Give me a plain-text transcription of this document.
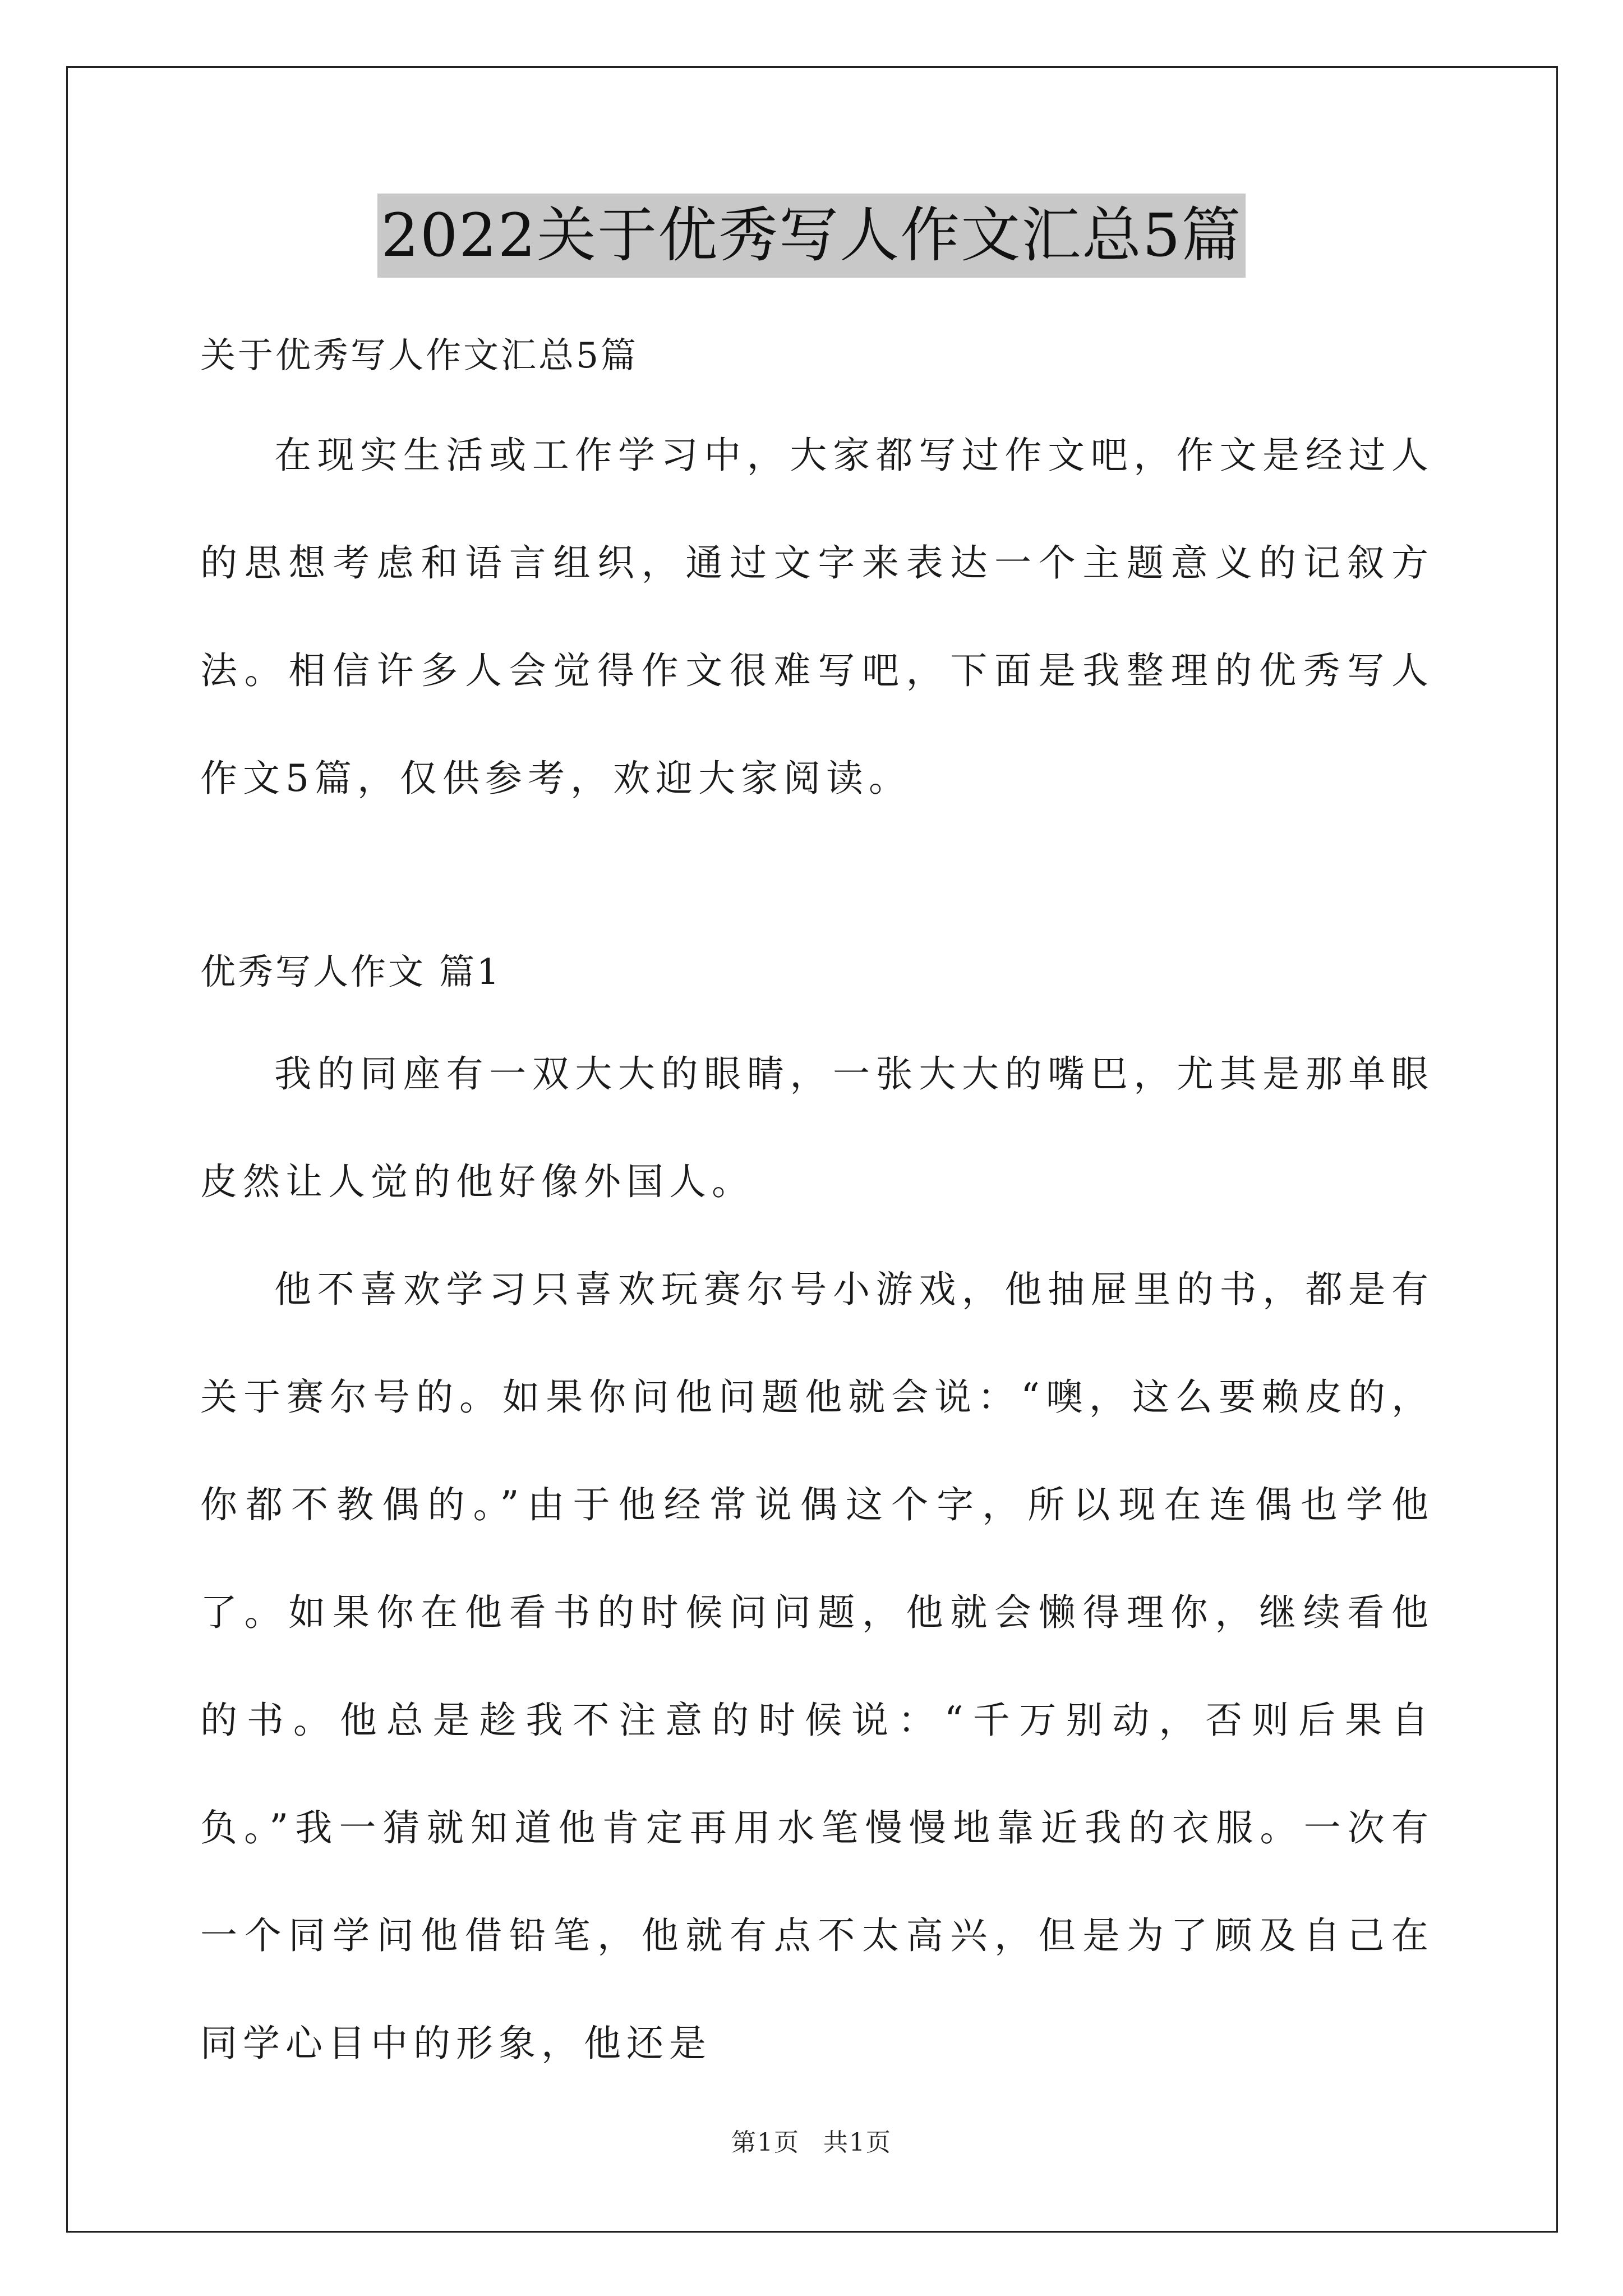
2022关于优秀写人作文汇总5篇

关于优秀写人作文汇总5篇

在现实生活或工作学习中，大家都写过作文吧，作文是经过人的思想考虑和语言组织，通过文字来表达一个主题意义的记叙方法。相信许多人会觉得作文很难写吧，下面是我整理的优秀写人作文5篇，仅供参考，欢迎大家阅读。

优秀写人作文 篇1

我的同座有一双大大的眼睛，一张大大的嘴巴，尤其是那单眼皮然让人觉的他好像外国人。

他不喜欢学习只喜欢玩赛尔号小游戏，他抽屉里的书，都是有关于赛尔号的。如果你问他问题他就会说：“噢，这么要赖皮的，你都不教偶的。”由于他经常说偶这个字，所以现在连偶也学他了。如果你在他看书的时候问问题，他就会懒得理你，继续看他的书。他总是趁我不注意的时候说：“千万别动，否则后果自负。”我一猜就知道他肯定再用水笔慢慢地靠近我的衣服。一次有一个同学问他借铅笔，他就有点不太高兴，但是为了顾及自己在同学心目中的形象，他还是

第1页 共1页
